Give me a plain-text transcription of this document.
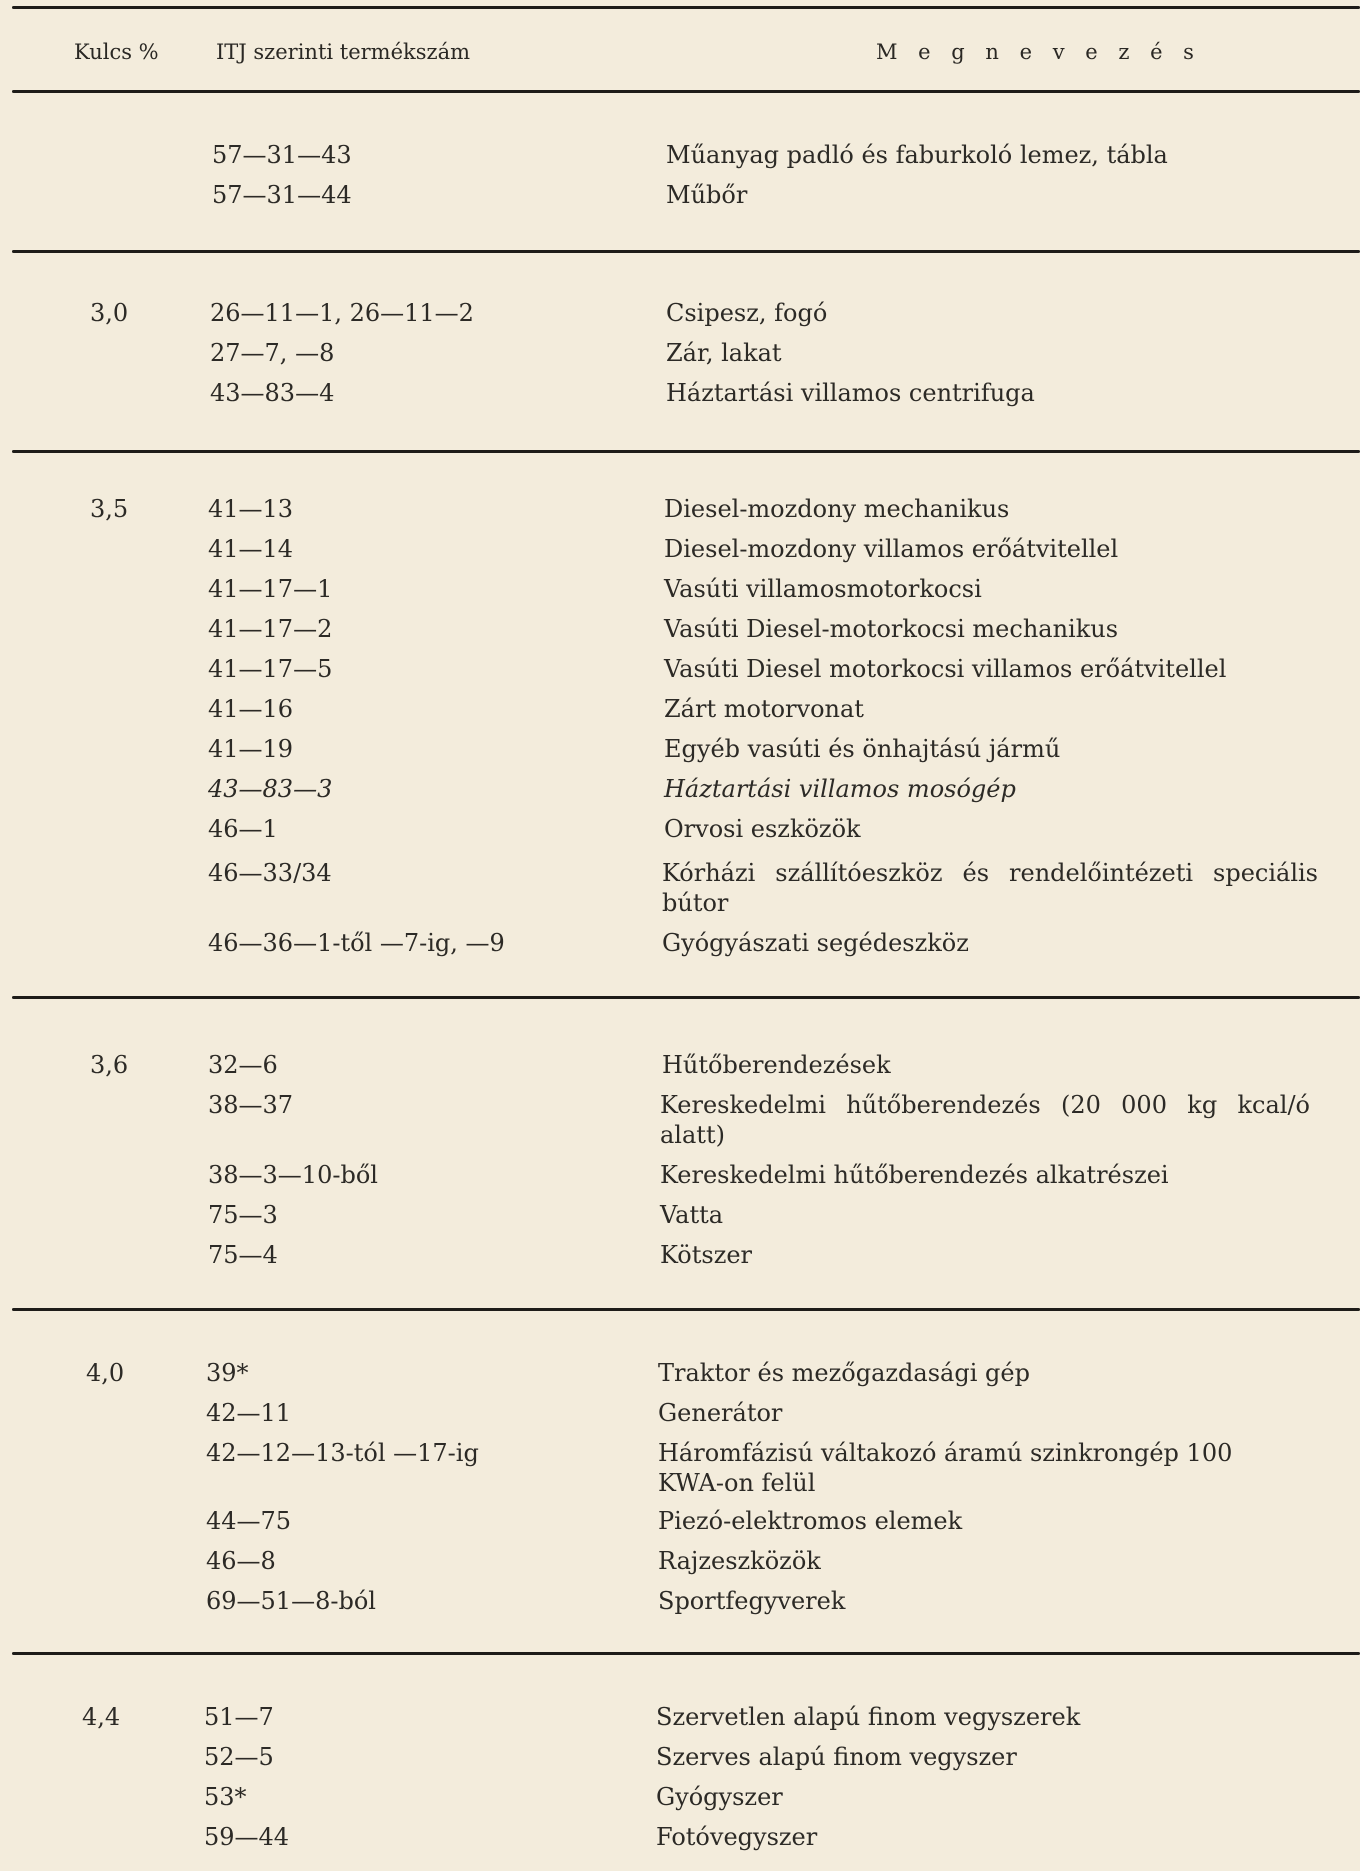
Kulcs %	ITJ szerinti termékszám	M e g n e v e z é s
57—31—43	Műanyag padló és faburkoló lemez, tábla
57—31—44	Műbőr
3,0	26—11—1, 26—11—2	Csipesz, fogó
27—7, —8	Zár, lakat
43—83—4	Háztartási villamos centrifuga
3,5	41—13	Diesel-mozdony mechanikus
41—14	Diesel-mozdony villamos erőátvitellel
41—17—1	Vasúti villamosmotorkocsi
41—17—2	Vasúti Diesel-motorkocsi mechanikus
41—17—5	Vasúti Diesel motorkocsi villamos erőátvitellel
41—16	Zárt motorvonat
41—19	Egyéb vasúti és önhajtású jármű
43—83—3	Háztartási villamos mosógép
46—1	Orvosi eszközök
46—33/34	Kórházi szállítóeszköz és rendelőintézeti speciális bútor
46—36—1-től —7-ig, —9	Gyógyászati segédeszköz
3,6	32—6	Hűtőberendezések
38—37	Kereskedelmi hűtőberendezés (20 000 kg kcal/ó alatt)
38—3—10-ből	Kereskedelmi hűtőberendezés alkatrészei
75—3	Vatta
75—4	Kötszer
4,0	39*	Traktor és mezőgazdasági gép
42—11	Generátor
42—12—13-tól —17-ig	Háromfázisú váltakozó áramú szinkrongép 100 KWA-on felül
44—75	Piezó-elektromos elemek
46—8	Rajzeszközök
69—51—8-ból	Sportfegyverek
4,4	51—7	Szervetlen alapú finom vegyszerek
52—5	Szerves alapú finom vegyszer
53*	Gyógyszer
59—44	Fotóvegyszer
